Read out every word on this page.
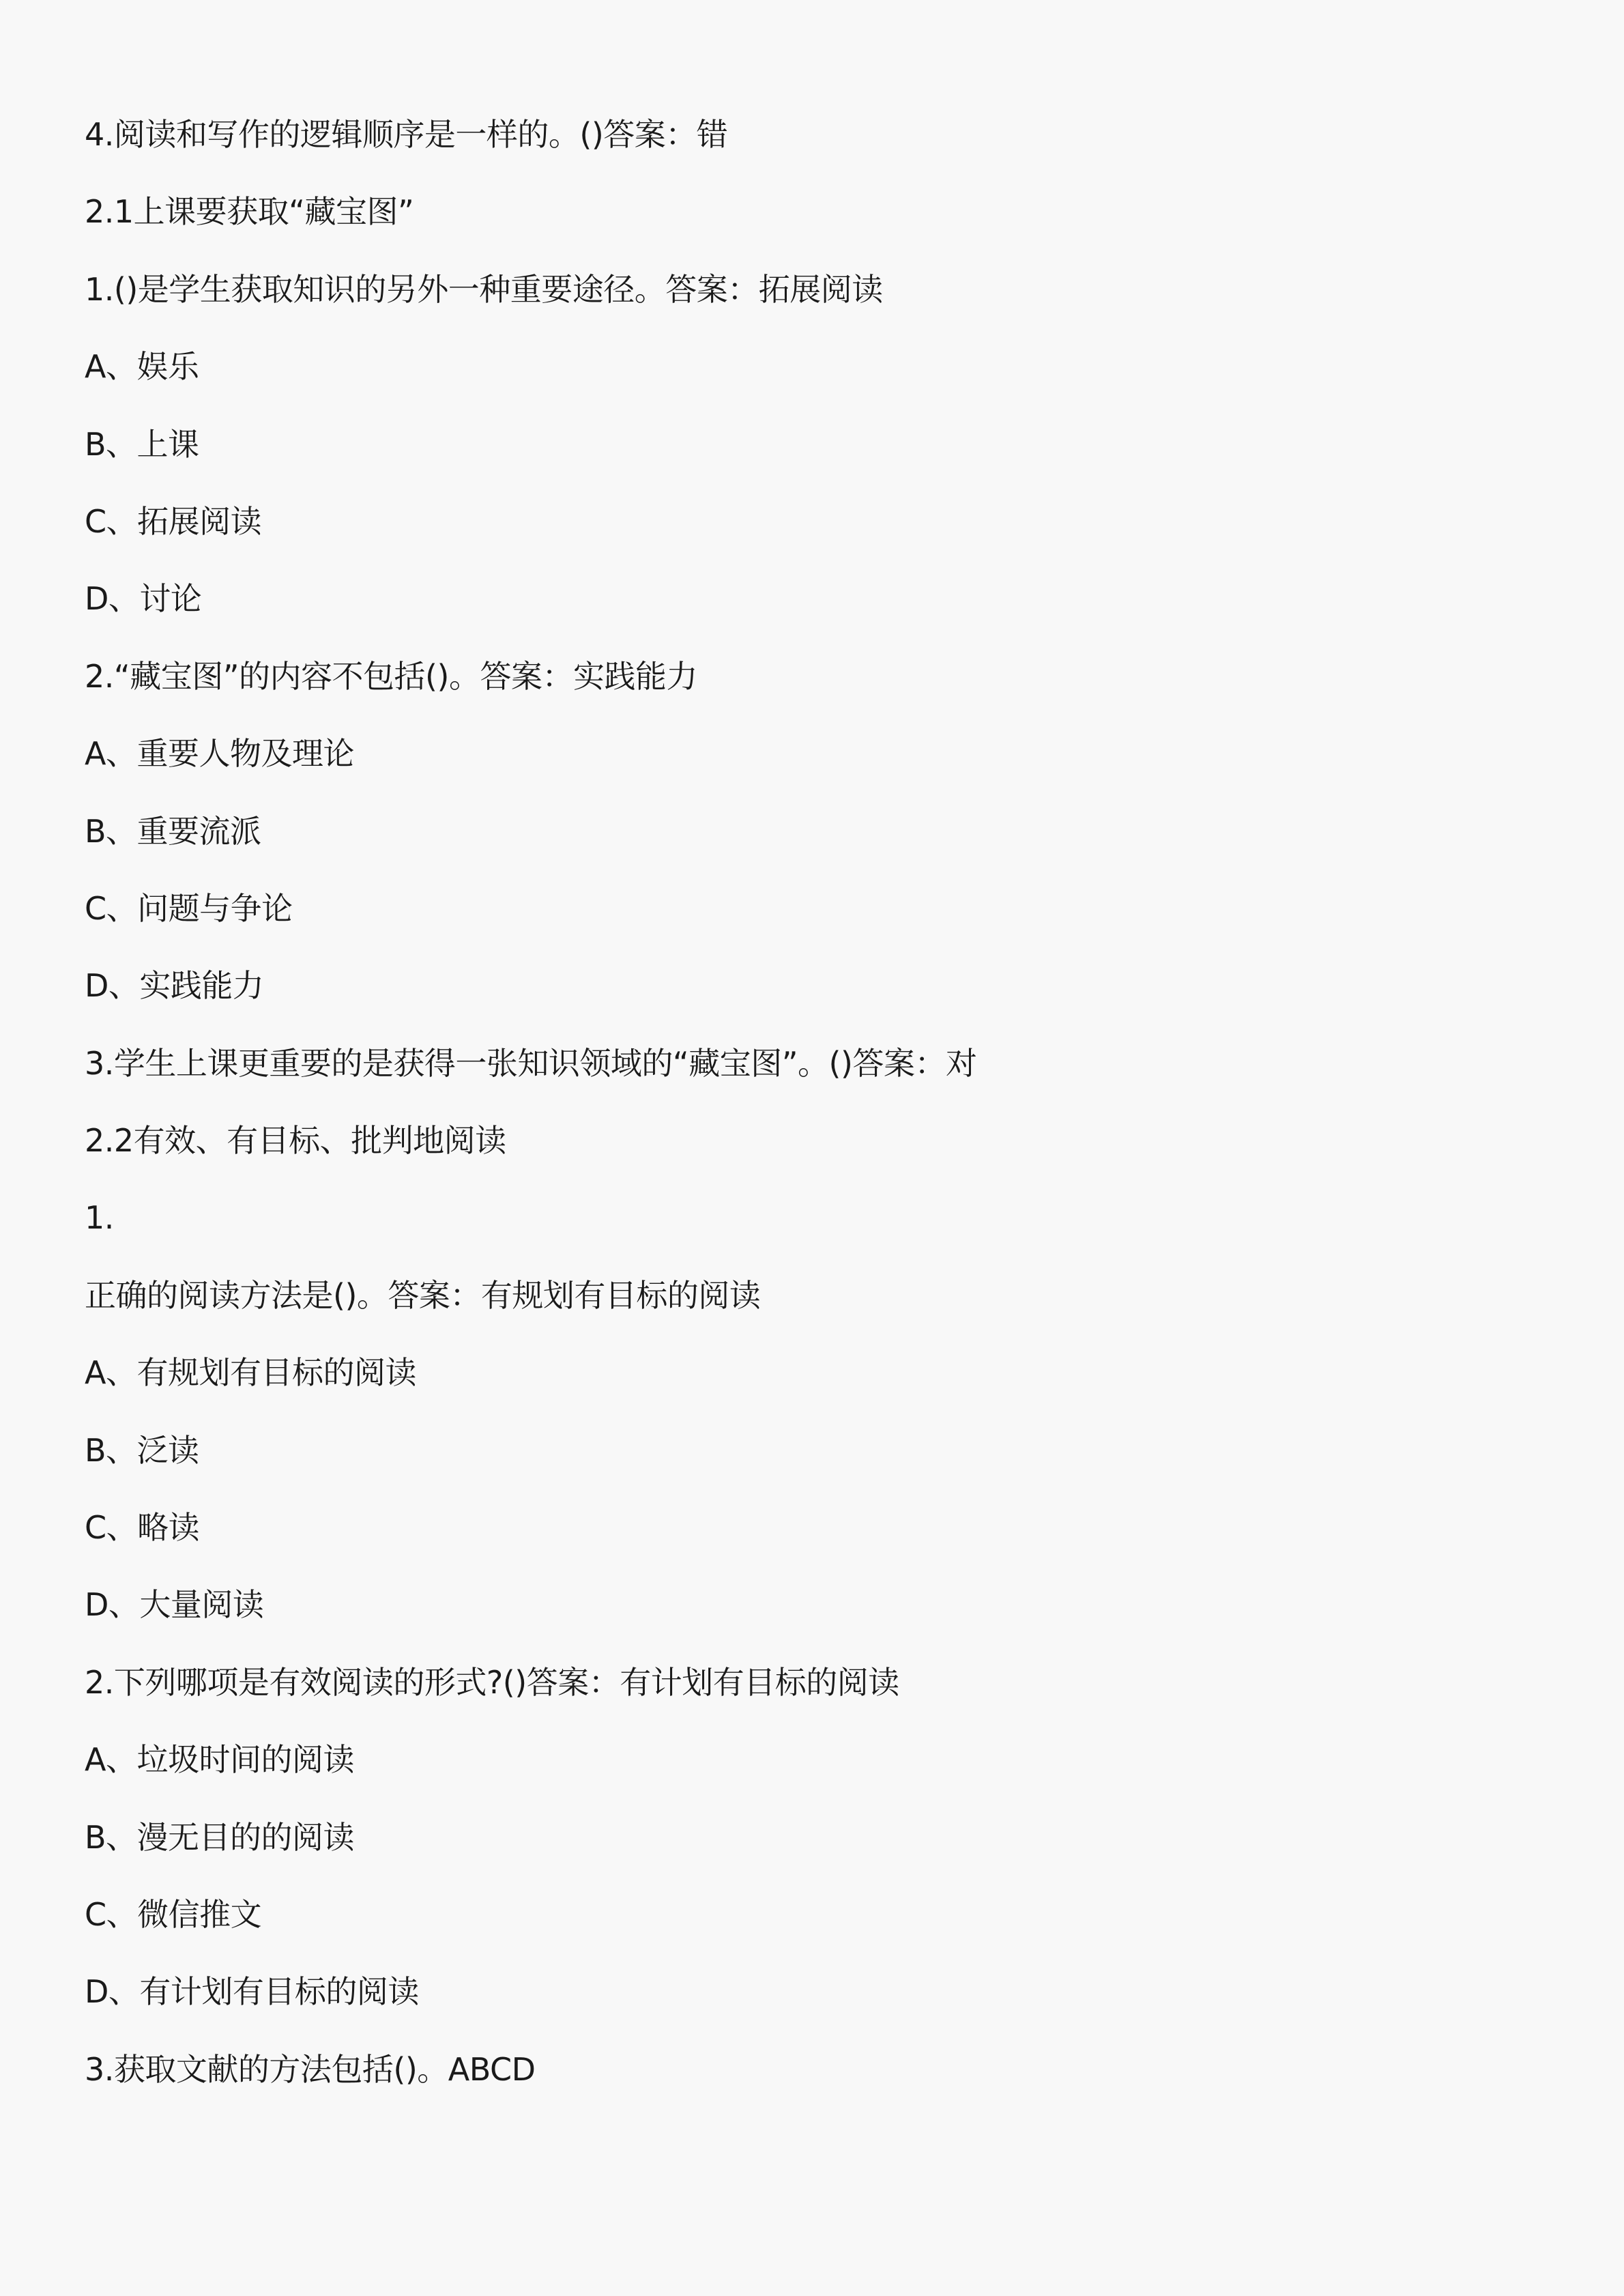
4.阅读和写作的逻辑顺序是一样的。()答案：错
2.1上课要获取“藏宝图”
1.()是学生获取知识的另外一种重要途径。答案：拓展阅读
A、娱乐
B、上课
C、拓展阅读
D、讨论
2.“藏宝图”的内容不包括()。答案：实践能力
A、重要人物及理论
B、重要流派
C、问题与争论
D、实践能力
3.学生上课更重要的是获得一张知识领域的“藏宝图”。()答案：对
2.2有效、有目标、批判地阅读
1.
正确的阅读方法是()。答案：有规划有目标的阅读
A、有规划有目标的阅读
B、泛读
C、略读
D、大量阅读
2.下列哪项是有效阅读的形式?()答案：有计划有目标的阅读
A、垃圾时间的阅读
B、漫无目的的阅读
C、微信推文
D、有计划有目标的阅读
3.获取文献的方法包括()。ABCD
